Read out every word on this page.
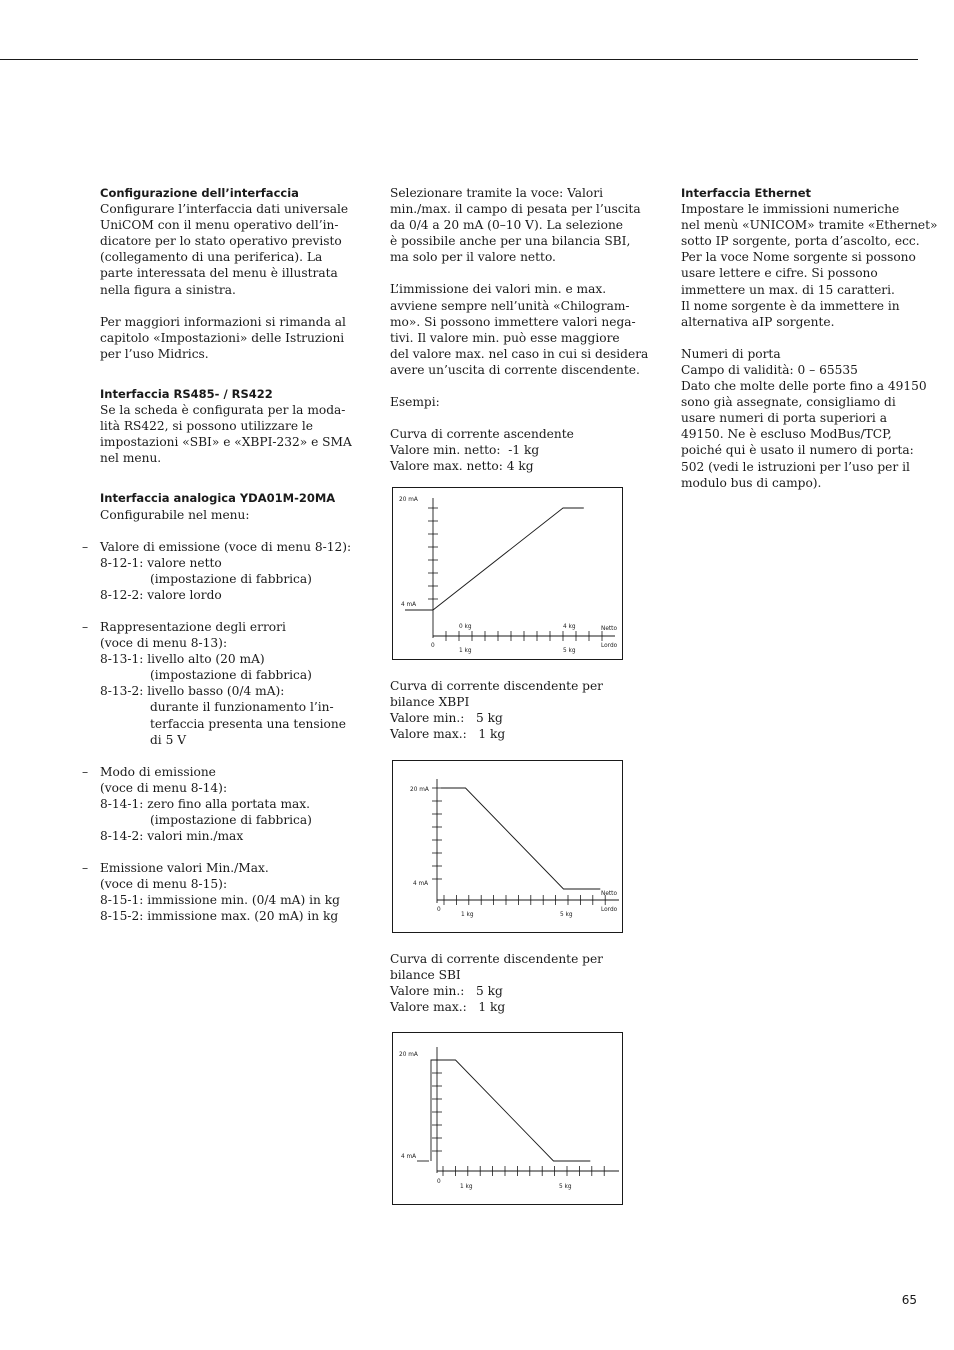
Configurazione dell’interfaccia
Configurare l’interfaccia dati universale
UniCOM con il menu operativo dell’in-
dicatore per lo stato operativo previsto
(collegamento di una periferica). La
parte interessata del menu è illustrata
nella figura a sinistra.
Per maggiori informazioni si rimanda al
capitolo «Impostazioni» delle Istruzioni
per l’uso Midrics.
Interfaccia RS485- / RS422
Se la scheda è configurata per la moda-
lità RS422, si possono utilizzare le
impostazioni «SBI» e «XBPI-232» e SMA
nel menu.
Interfaccia analogica YDA01M-20MA
Configurabile nel menu:
– Valore di emissione (voce di menu 8-12):
8-12-1: valore netto
(impostazione di fabbrica)
8-12-2: valore lordo
– Rappresentazione degli errori
(voce di menu 8-13):
8-13-1: livello alto (20 mA)
(impostazione di fabbrica)
8-13-2: livello basso (0/4 mA):
durante il funzionamento l’in-
terfaccia presenta una tensione
di 5 V
– Modo di emissione
(voce di menu 8-14):
8-14-1: zero fino alla portata max.
(impostazione di fabbrica)
8-14-2: valori min./max
– Emissione valori Min./Max.
(voce di menu 8-15):
8-15-1: immissione min. (0/4 mA) in kg
8-15-2: immissione max. (20 mA) in kg
Selezionare tramite la voce: Valori
min./max. il campo di pesata per l’uscita
da 0/4 a 20 mA (0–10 V). La selezione
è possibile anche per una bilancia SBI,
ma solo per il valore netto.
L’immissione dei valori min. e max.
avviene sempre nell’unità «Chilogram-
mo». Si possono immettere valori nega-
tivi. Il valore min. può esse maggiore
del valore max. nel caso in cui si desidera
avere un’uscita di corrente discendente.
Esempi:
Curva di corrente ascendente
Valore min. netto:  -1 kg
Valore max. netto: 4 kg
Curva di corrente discendente per
bilance XBPI
Valore min.:   5 kg
Valore max.:   1 kg
Curva di corrente discendente per
bilance SBI
Valore min.:   5 kg
Valore max.:   1 kg
20 mA
4 mA
0 kg	4 kg	Netto
0
1 kg	5 kg
Lordo
20 mA
4 mA
Netto
0
1 kg	5 kg
Lordo
20 mA
4 mA
0
1 kg	5 kg
Interfaccia Ethernet
Impostare le immissioni numeriche
nel menù «UNICOM» tramite «Ethernet»
sotto IP sorgente, porta d’ascolto, ecc.
Per la voce Nome sorgente si possono
usare lettere e cifre. Si possono
immettere un max. di 15 caratteri.
Il nome sorgente è da immettere in
alternativa aIP sorgente.
Numeri di porta
Campo di validità: 0 – 65535
Dato che molte delle porte fino a 49150
sono già assegnate, consigliamo di
usare numeri di porta superiori a
49150. Ne è escluso ModBus/TCP,
poiché qui è usato il numero di porta:
502 (vedi le istruzioni per l’uso per il
modulo bus di campo).
65
